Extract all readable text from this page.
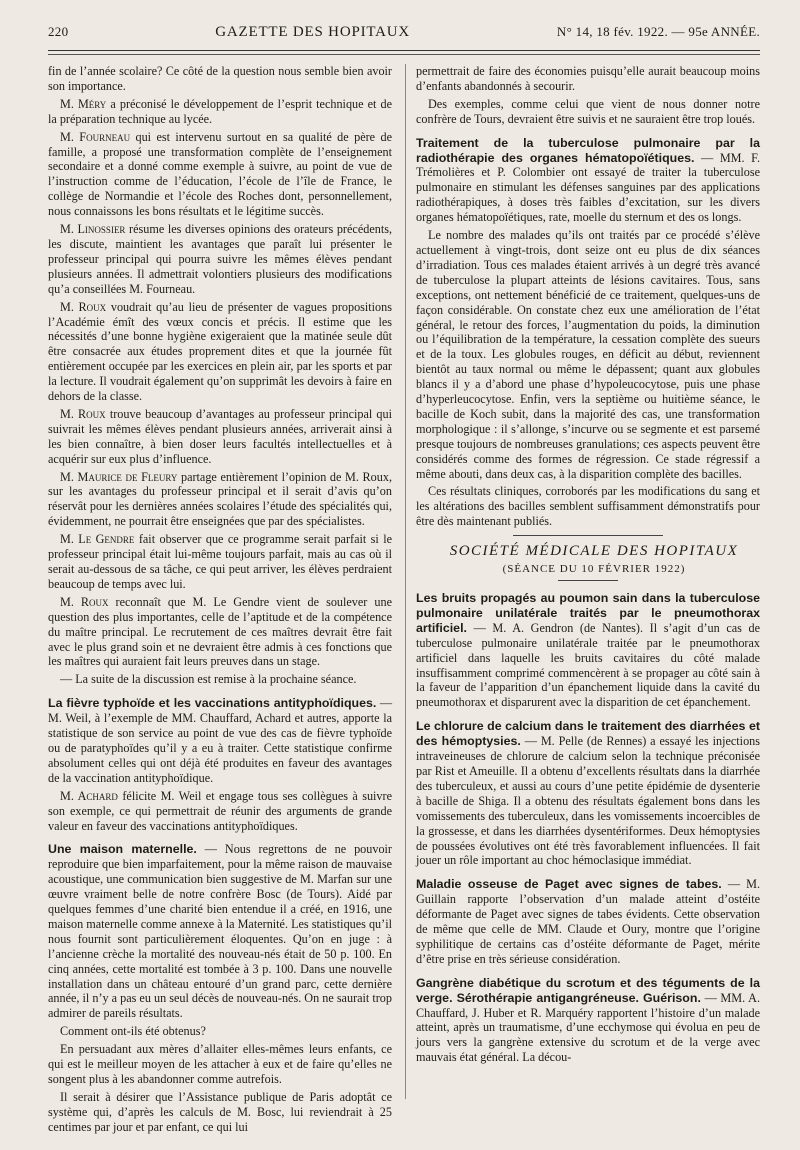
220	GAZETTE DES HOPITAUX	N° 14, 18 fév. 1922. — 95e ANNÉE.

fin de l’année scolaire? Ce côté de la question nous semble bien avoir son importance.

M. Méry a préconisé le développement de l’esprit technique et de la préparation technique au lycée.

M. Fourneau qui est intervenu surtout en sa qualité de père de famille, a proposé une transformation complète de l’enseignement secondaire et a donné comme exemple à suivre, au point de vue de l’instruction comme de l’éducation, l’école de l’île de France, le collège de Normandie et l’école des Roches dont, personnellement, nous connaissons les bons résultats et le légitime succès.

M. Linossier résume les diverses opinions des orateurs précédents, les discute, maintient les avantages que paraît lui présenter le professeur principal qui pourra suivre les mêmes élèves pendant plusieurs années. Il admettrait volontiers plusieurs des modifications qu’a conseillées M. Fourneau.

M. Roux voudrait qu’au lieu de présenter de vagues propositions l’Académie émît des vœux concis et précis. Il estime que les nécessités d’une bonne hygiène exigeraient que la matinée seule dût être consacrée aux études proprement dites et que la journée fût entièrement occupée par les exercices en plein air, par les sports et par la lecture. Il voudrait également qu’on supprimât les devoirs à faire en dehors de la classe.

M. Roux trouve beaucoup d’avantages au professeur principal qui suivrait les mêmes élèves pendant plusieurs années, arriverait ainsi à les bien connaître, à bien doser leurs facultés intellectuelles et à acquérir sur eux plus d’influence.

M. Maurice de Fleury partage entièrement l’opinion de M. Roux, sur les avantages du professeur principal et il serait d’avis qu’on réservât pour les dernières années scolaires l’étude des spécialités qui, évidemment, ne pourrait être enseignées que par des spécialistes.

M. Le Gendre fait observer que ce programme serait parfait si le professeur principal était lui-même toujours parfait, mais au cas où il serait au-dessous de sa tâche, ce qui peut arriver, les élèves perdraient beaucoup de temps avec lui.

M. Roux reconnaît que M. Le Gendre vient de soulever une question des plus importantes, celle de l’aptitude et de la compétence du maître principal. Le recrutement de ces maîtres devrait être fait avec le plus grand soin et ne devraient être admis à ces fonctions que les maîtres qui auraient fait leurs preuves dans un stage.

— La suite de la discussion est remise à la prochaine séance.

La fièvre typhoïde et les vaccinations antityphoïdiques. — M. Weil, à l’exemple de MM. Chauffard, Achard et autres, apporte la statistique de son service au point de vue des cas de fièvre typhoïde ou de paratyphoïdes qu’il y a eu à traiter. Cette statistique confirme absolument celles qui ont déjà été produites en faveur des avantages de la vaccination antityphoïdique.

M. Achard félicite M. Weil et engage tous ses collègues à suivre son exemple, ce qui permettrait de réunir des arguments de grande valeur en faveur des vaccinations antityphoïdiques.

Une maison maternelle. — Nous regrettons de ne pouvoir reproduire que bien imparfaitement, pour la même raison de mauvaise acoustique, une communication bien suggestive de M. Marfan sur une œuvre vraiment belle de notre confrère Bosc (de Tours). Aidé par quelques femmes d’une charité bien entendue il a créé, en 1916, une maison maternelle comme annexe à la Maternité. Les statistiques qu’il nous fournit sont particulièrement éloquentes. Qu’on en juge : à l’ancienne crèche la mortalité des nouveau-nés était de 50 p. 100. En cinq années, cette mortalité est tombée à 3 p. 100. Dans une nouvelle installation dans un château entouré d’un grand parc, cette dernière année, il n’y a pas eu un seul décès de nouveau-nés. On ne saurait trop admirer de pareils résultats.

Comment ont-ils été obtenus?

En persuadant aux mères d’allaiter elles-mêmes leurs enfants, ce qui est le meilleur moyen de les attacher à eux et de faire qu’elles ne songent plus à les abandonner comme autrefois.

Il serait à désirer que l’Assistance publique de Paris adoptât ce système qui, d’après les calculs de M. Bosc, lui reviendrait à 25 centimes par jour et par enfant, ce qui lui

permettrait de faire des économies puisqu’elle aurait beaucoup moins d’enfants abandonnés à secourir.

Des exemples, comme celui que vient de nous donner notre confrère de Tours, devraient être suivis et ne sauraient être trop loués.

Traitement de la tuberculose pulmonaire par la radiothérapie des organes hématopoïétiques. — MM. F. Trémolières et P. Colombier ont essayé de traiter la tuberculose pulmonaire en stimulant les défenses sanguines par des applications radiothérapiques, à doses très faibles d’excitation, sur les divers organes hématopoïétiques, rate, moelle du sternum et des os longs.

Le nombre des malades qu’ils ont traités par ce procédé s’élève actuellement à vingt-trois, dont seize ont eu plus de dix séances d’irradiation. Tous ces malades étaient arrivés à un degré très avancé de tuberculose la plupart atteints de lésions cavitaires. Tous, sans exceptions, ont nettement bénéficié de ce traitement, quelques-uns de façon considérable. On constate chez eux une amélioration de l’état général, le retour des forces, l’augmentation du poids, la diminution ou l’équilibration de la température, la cessation complète des sueurs et de la toux. Les globules rouges, en déficit au début, reviennent bientôt au taux normal ou même le dépassent; quant aux globules blancs il y a d’abord une phase d’hypoleucocytose, puis une phase d’hyperleucocytose. Enfin, vers la septième ou huitième séance, le bacille de Koch subit, dans la majorité des cas, une transformation morphologique : il s’allonge, s’incurve ou se segmente et est parsemé presque toujours de nombreuses granulations; ces aspects peuvent être considérés comme des formes de régression. Ce stade régressif a même abouti, dans deux cas, à la disparition complète des bacilles.

Ces résultats cliniques, corroborés par les modifications du sang et les altérations des bacilles semblent suffisamment démonstratifs pour être dès maintenant publiés.

SOCIÉTÉ MÉDICALE DES HOPITAUX

(SÉANCE DU 10 FÉVRIER 1922)

Les bruits propagés au poumon sain dans la tuberculose pulmonaire unilatérale traités par le pneumothorax artificiel. — M. A. Gendron (de Nantes). Il s’agit d’un cas de tuberculose pulmonaire unilatérale traitée par le pneumothorax artificiel dans laquelle les bruits cavitaires du côté malade insuffisamment comprimé commencèrent à se propager au côté sain à la faveur de l’apparition d’un épanchement liquide dans la cavité du pneumothorax et disparurent avec la disparition de cet épanchement.

Le chlorure de calcium dans le traitement des diarrhées et des hémoptysies. — M. Pelle (de Rennes) a essayé les injections intraveineuses de chlorure de calcium selon la technique préconisée par Rist et Ameuille. Il a obtenu d’excellents résultats dans la diarrhée des tuberculeux, et aussi au cours d’une petite épidémie de dysenterie à bacille de Shiga. Il a obtenu des résultats également bons dans les vomissements des tuberculeux, dans les vomissements incoercibles de la grossesse, et dans les diarrhées dysentériformes. Deux hémoptysies de poussées évolutives ont été très favorablement influencées. Il fait jouer un rôle important au choc hémoclasique immédiat.

Maladie osseuse de Paget avec signes de tabes. — M. Guillain rapporte l’observation d’un malade atteint d’ostéite déformante de Paget avec signes de tabes évidents. Cette observation de même que celle de MM. Claude et Oury, montre que l’origine syphilitique de certains cas d’ostéite déformante de Paget, mérite d’être prise en très sérieuse considération.

Gangrène diabétique du scrotum et des téguments de la verge. Sérothérapie antigangréneuse. Guérison. — MM. A. Chauffard, J. Huber et R. Marquéry rapportent l’histoire d’un malade atteint, après un traumatisme, d’une ecchymose qui évolua en peu de jours vers la gangrène extensive du scrotum et de la verge avec mauvais état général. La décou-
